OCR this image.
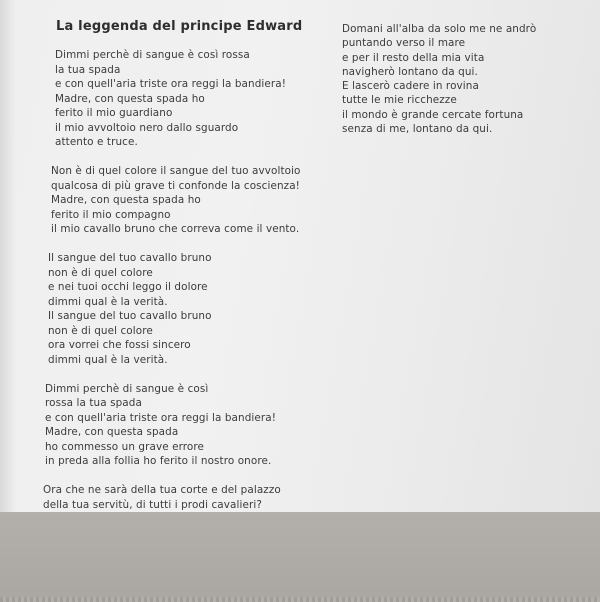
La leggenda del principe Edward
Dimmi perchè di sangue è così rossa
la tua spada
e con quell'aria triste ora reggi la bandiera!
Madre, con questa spada ho
ferito il mio guardiano
il mio avvoltoio nero dallo sguardo
attento e truce.
Non è di quel colore il sangue del tuo avvoltoio
qualcosa di più grave ti confonde la coscienza!
Madre, con questa spada ho
ferito il mio compagno
il mio cavallo bruno che correva come il vento.
Il sangue del tuo cavallo bruno
non è di quel colore
e nei tuoi occhi leggo il dolore
dimmi qual è la verità.
Il sangue del tuo cavallo bruno
non è di quel colore
ora vorrei che fossi sincero
dimmi qual è la verità.
Dimmi perchè di sangue è così
rossa la tua spada
e con quell'aria triste ora reggi la bandiera!
Madre, con questa spada
ho commesso un grave errore
in preda alla follia ho ferito il nostro onore.
Ora che ne sarà della tua corte e del palazzo
della tua servitù, di tutti i prodi cavalieri?
Domani all'alba da solo me ne andrò
puntando verso il mare
e per il resto della mia vita
navigherò lontano da qui.
E lascerò cadere in rovina
tutte le mie ricchezze
il mondo è grande cercate fortuna
senza di me, lontano da qui.
